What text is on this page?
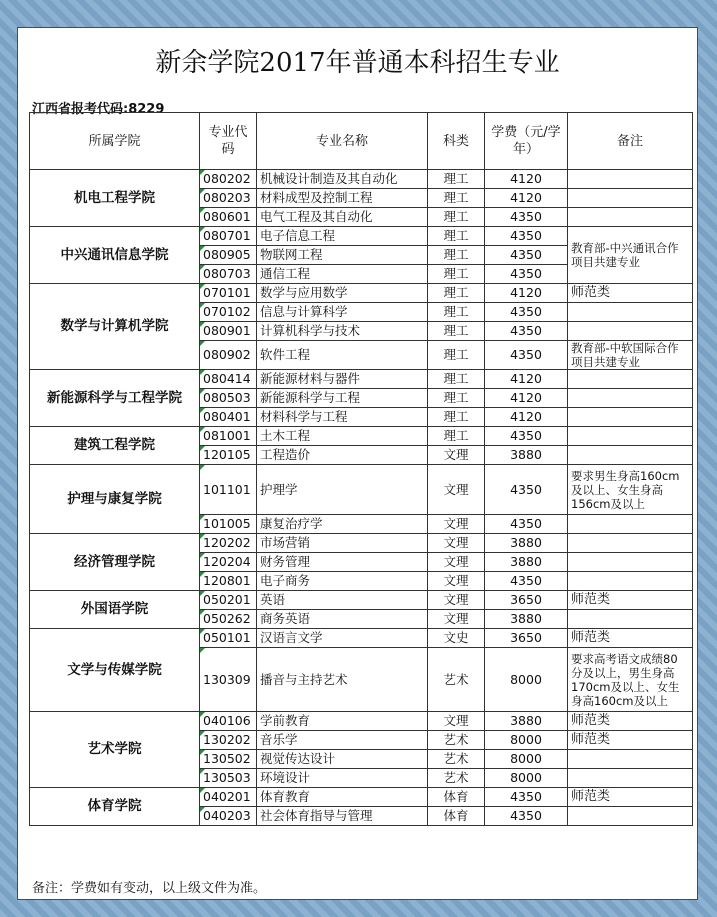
新余学院2017年普通本科招生专业
江西省报考代码:8229
所属学院	专业代码	专业名称	科类	学费（元/学年）	备注
机电工程学院	080202	机械设计制造及其自动化	理工	4120	
	080203	材料成型及控制工程	理工	4120	
	080601	电气工程及其自动化	理工	4350	
中兴通讯信息学院	080701	电子信息工程	理工	4350	教育部-中兴通讯合作项目共建专业
	080905	物联网工程	理工	4350	
	080703	通信工程	理工	4350	
数学与计算机学院	070101	数学与应用数学	理工	4120	师范类
	070102	信息与计算科学	理工	4350	
	080901	计算机科学与技术	理工	4350	
	080902	软件工程	理工	4350	教育部-中软国际合作项目共建专业
新能源科学与工程学院	080414	新能源材料与器件	理工	4120	
	080503	新能源科学与工程	理工	4120	
	080401	材料科学与工程	理工	4120	
建筑工程学院	081001	土木工程	理工	4350	
	120105	工程造价	文理	3880	
护理与康复学院	101101	护理学	文理	4350	要求男生身高160cm及以上、女生身高156cm及以上
	101005	康复治疗学	文理	4350	
经济管理学院	120202	市场营销	文理	3880	
	120204	财务管理	文理	3880	
	120801	电子商务	文理	4350	
外国语学院	050201	英语	文理	3650	师范类
	050262	商务英语	文理	3880	
文学与传媒学院	050101	汉语言文学	文史	3650	师范类
	130309	播音与主持艺术	艺术	8000	要求高考语文成绩80分及以上，男生身高170cm及以上、女生身高160cm及以上
艺术学院	040106	学前教育	文理	3880	师范类
	130202	音乐学	艺术	8000	师范类
	130502	视觉传达设计	艺术	8000	
	130503	环境设计	艺术	8000	
体育学院	040201	体育教育	体育	4350	师范类
	040203	社会体育指导与管理	体育	4350	
备注：学费如有变动，以上级文件为准。
